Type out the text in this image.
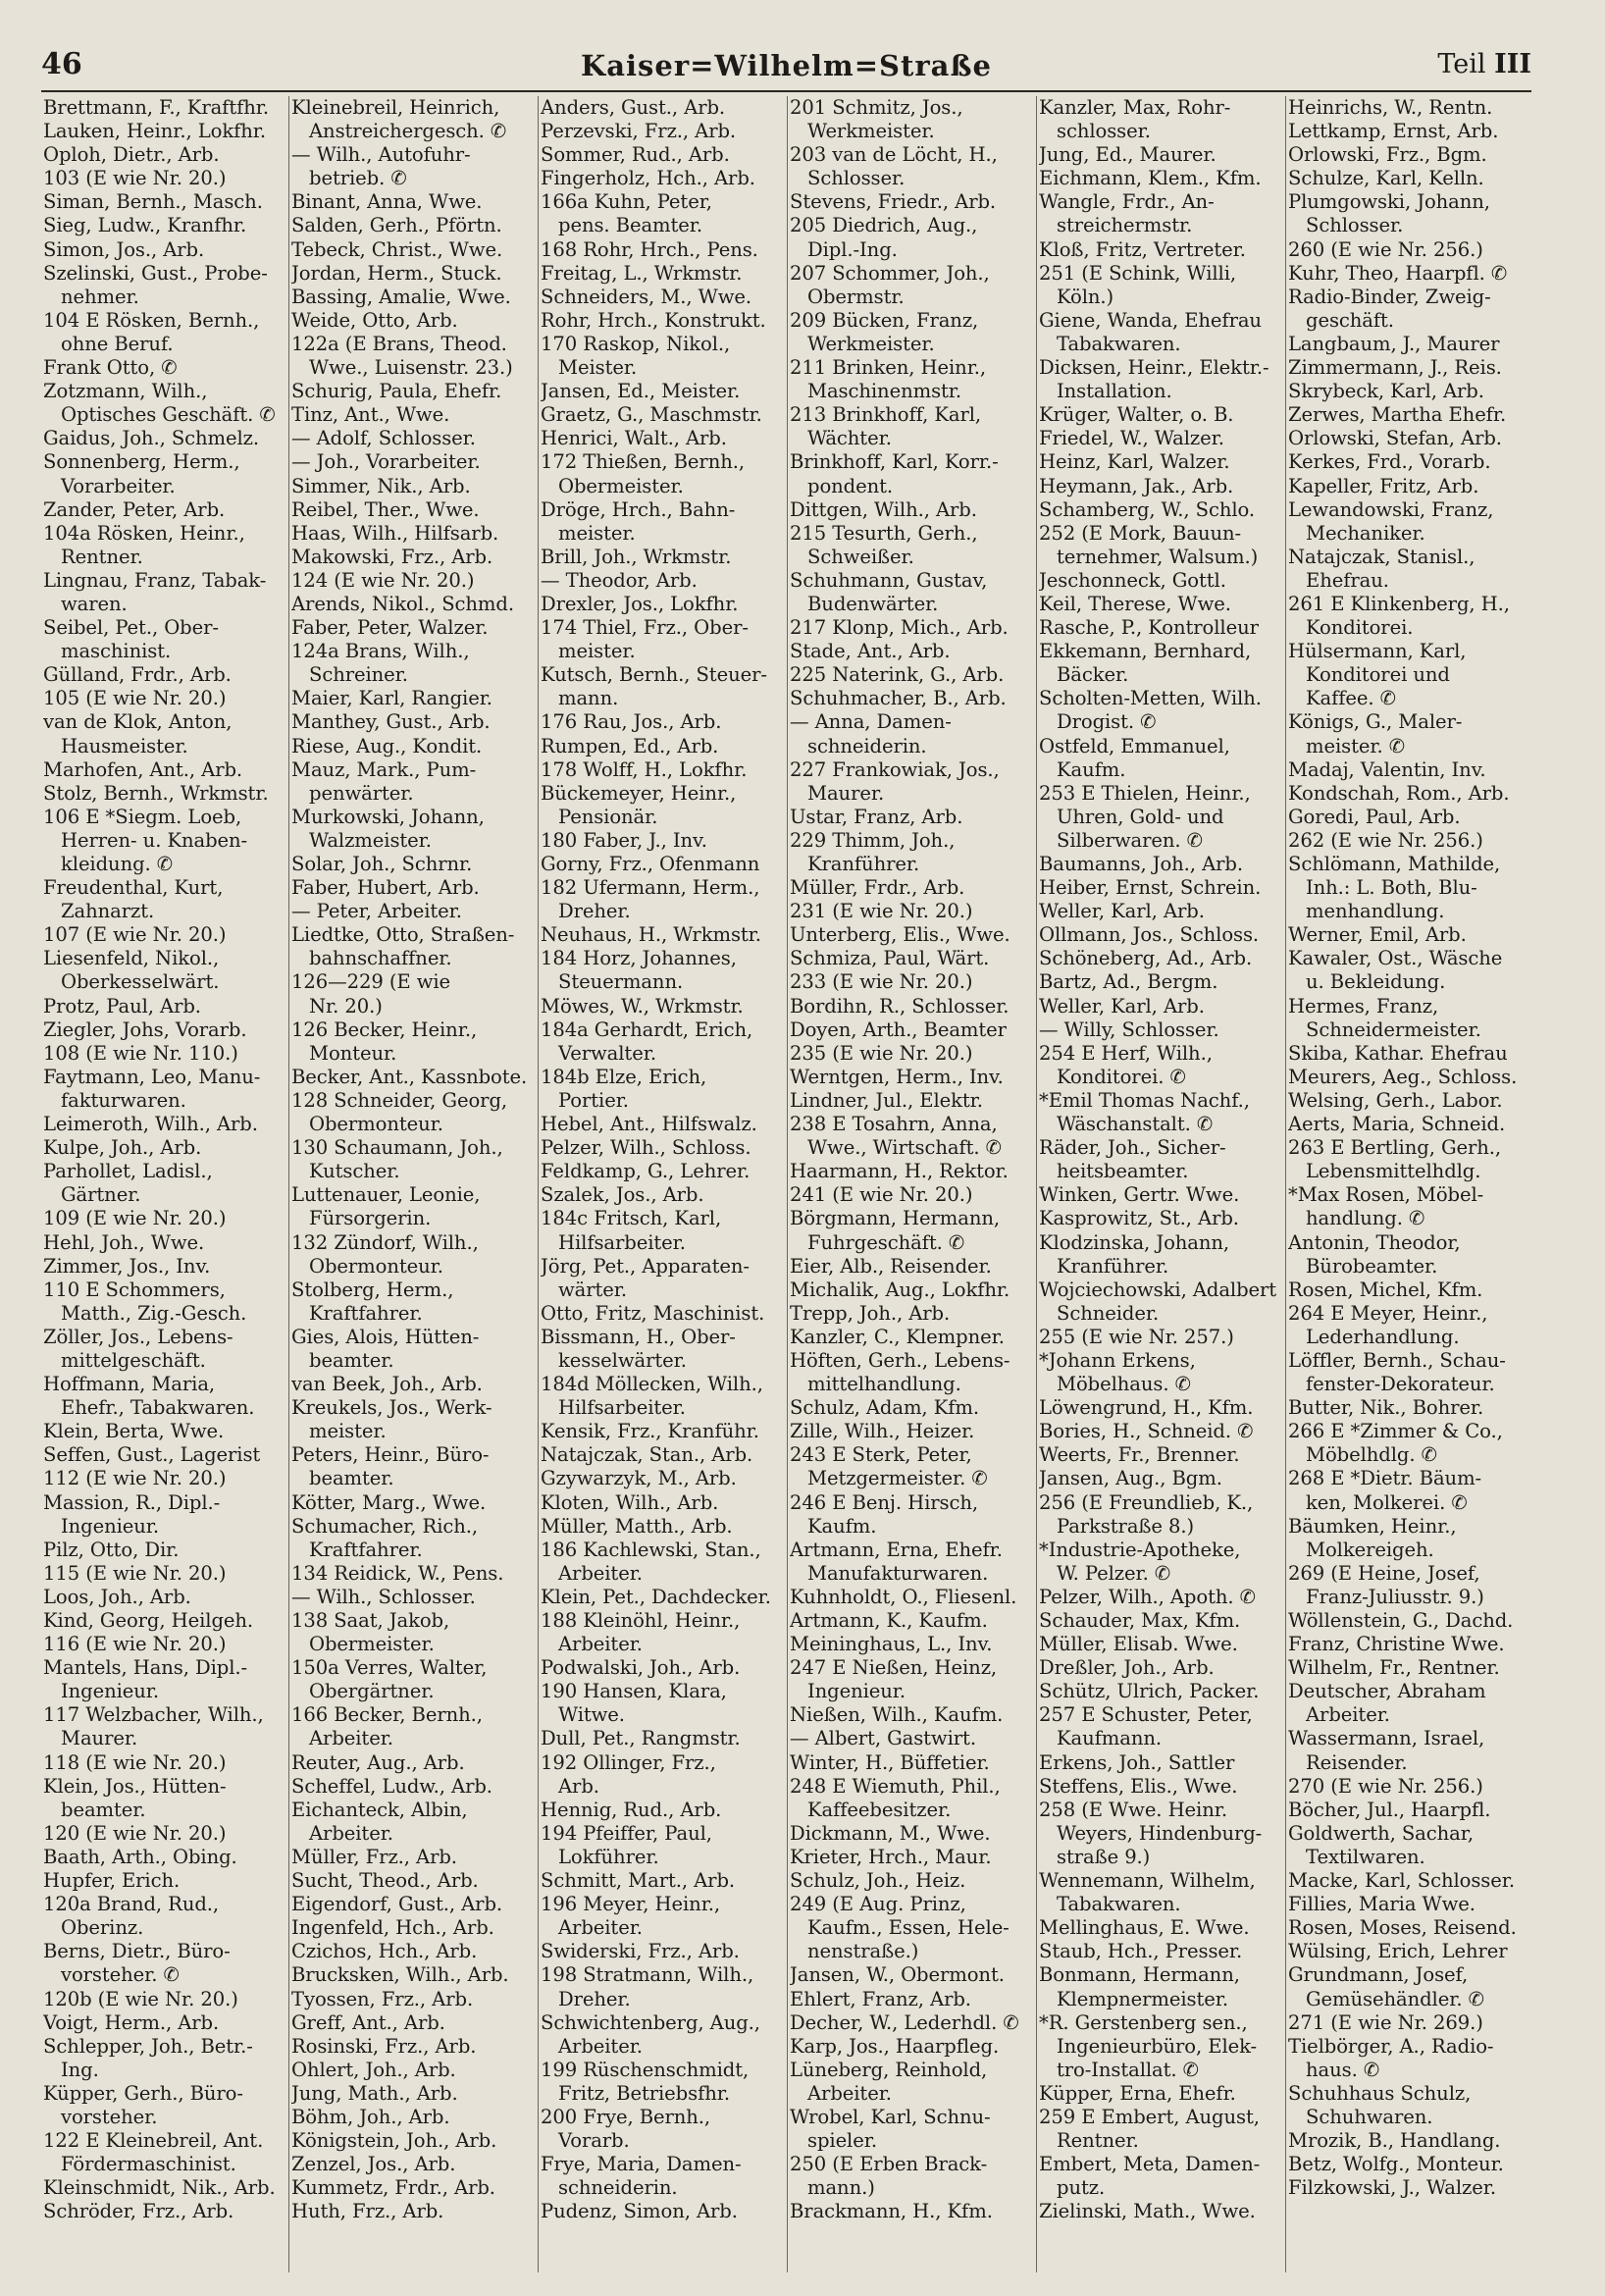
46	Kaiser=Wilhelm=Straße	Teil III
Brettmann, F., Kraftfhr.
Lauken, Heinr., Lokfhr.
Oploh, Dietr., Arb.
103 (E wie Nr. 20.)
Siman, Bernh., Masch.
Sieg, Ludw., Kranfhr.
Simon, Jos., Arb.
Szelinski, Gust., Probe-
nehmer.
104 E Rösken, Bernh.,
ohne Beruf.
Frank Otto, ✆
Zotzmann, Wilh.,
Optisches Geschäft. ✆
Gaidus, Joh., Schmelz.
Sonnenberg, Herm.,
Vorarbeiter.
Zander, Peter, Arb.
104a Rösken, Heinr.,
Rentner.
Lingnau, Franz, Tabak-
waren.
Seibel, Pet., Ober-
maschinist.
Gülland, Frdr., Arb.
105 (E wie Nr. 20.)
van de Klok, Anton,
Hausmeister.
Marhofen, Ant., Arb.
Stolz, Bernh., Wrkmstr.
106 E *Siegm. Loeb,
Herren- u. Knaben-
kleidung. ✆
Freudenthal, Kurt,
Zahnarzt.
107 (E wie Nr. 20.)
Liesenfeld, Nikol.,
Oberkesselwärt.
Protz, Paul, Arb.
Ziegler, Johs, Vorarb.
108 (E wie Nr. 110.)
Faytmann, Leo, Manu-
fakturwaren.
Leimeroth, Wilh., Arb.
Kulpe, Joh., Arb.
Parhollet, Ladisl.,
Gärtner.
109 (E wie Nr. 20.)
Hehl, Joh., Wwe.
Zimmer, Jos., Inv.
110 E Schommers,
Matth., Zig.-Gesch.
Zöller, Jos., Lebens-
mittelgeschäft.
Hoffmann, Maria,
Ehefr., Tabakwaren.
Klein, Berta, Wwe.
Seffen, Gust., Lagerist
112 (E wie Nr. 20.)
Massion, R., Dipl.-
Ingenieur.
Pilz, Otto, Dir.
115 (E wie Nr. 20.)
Loos, Joh., Arb.
Kind, Georg, Heilgeh.
116 (E wie Nr. 20.)
Mantels, Hans, Dipl.-
Ingenieur.
117 Welzbacher, Wilh.,
Maurer.
118 (E wie Nr. 20.)
Klein, Jos., Hütten-
beamter.
120 (E wie Nr. 20.)
Baath, Arth., Obing.
Hupfer, Erich.
120a Brand, Rud.,
Oberinz.
Berns, Dietr., Büro-
vorsteher. ✆
120b (E wie Nr. 20.)
Voigt, Herm., Arb.
Schlepper, Joh., Betr.-
Ing.
Küpper, Gerh., Büro-
vorsteher.
122 E Kleinebreil, Ant.
Fördermaschinist.
Kleinschmidt, Nik., Arb.
Schröder, Frz., Arb.
Kleinebreil, Heinrich,
Anstreichergesch. ✆
— Wilh., Autofuhr-
betrieb. ✆
Binant, Anna, Wwe.
Salden, Gerh., Pförtn.
Tebeck, Christ., Wwe.
Jordan, Herm., Stuck.
Bassing, Amalie, Wwe.
Weide, Otto, Arb.
122a (E Brans, Theod.
Wwe., Luisenstr. 23.)
Schurig, Paula, Ehefr.
Tinz, Ant., Wwe.
— Adolf, Schlosser.
— Joh., Vorarbeiter.
Simmer, Nik., Arb.
Reibel, Ther., Wwe.
Haas, Wilh., Hilfsarb.
Makowski, Frz., Arb.
124 (E wie Nr. 20.)
Arends, Nikol., Schmd.
Faber, Peter, Walzer.
124a Brans, Wilh.,
Schreiner.
Maier, Karl, Rangier.
Manthey, Gust., Arb.
Riese, Aug., Kondit.
Mauz, Mark., Pum-
penwärter.
Murkowski, Johann,
Walzmeister.
Solar, Joh., Schrnr.
Faber, Hubert, Arb.
— Peter, Arbeiter.
Liedtke, Otto, Straßen-
bahnschaffner.
126—229 (E wie
Nr. 20.)
126 Becker, Heinr.,
Monteur.
Becker, Ant., Kassnbote.
128 Schneider, Georg,
Obermonteur.
130 Schaumann, Joh.,
Kutscher.
Luttenauer, Leonie,
Fürsorgerin.
132 Zündorf, Wilh.,
Obermonteur.
Stolberg, Herm.,
Kraftfahrer.
Gies, Alois, Hütten-
beamter.
van Beek, Joh., Arb.
Kreukels, Jos., Werk-
meister.
Peters, Heinr., Büro-
beamter.
Kötter, Marg., Wwe.
Schumacher, Rich.,
Kraftfahrer.
134 Reidick, W., Pens.
— Wilh., Schlosser.
138 Saat, Jakob,
Obermeister.
150a Verres, Walter,
Obergärtner.
166 Becker, Bernh.,
Arbeiter.
Reuter, Aug., Arb.
Scheffel, Ludw., Arb.
Eichanteck, Albin,
Arbeiter.
Müller, Frz., Arb.
Sucht, Theod., Arb.
Eigendorf, Gust., Arb.
Ingenfeld, Hch., Arb.
Czichos, Hch., Arb.
Brucksken, Wilh., Arb.
Tyossen, Frz., Arb.
Greff, Ant., Arb.
Rosinski, Frz., Arb.
Ohlert, Joh., Arb.
Jung, Math., Arb.
Böhm, Joh., Arb.
Königstein, Joh., Arb.
Zenzel, Jos., Arb.
Kummetz, Frdr., Arb.
Huth, Frz., Arb.
Anders, Gust., Arb.
Perzevski, Frz., Arb.
Sommer, Rud., Arb.
Fingerholz, Hch., Arb.
166a Kuhn, Peter,
pens. Beamter.
168 Rohr, Hrch., Pens.
Freitag, L., Wrkmstr.
Schneiders, M., Wwe.
Rohr, Hrch., Konstrukt.
170 Raskop, Nikol.,
Meister.
Jansen, Ed., Meister.
Graetz, G., Maschmstr.
Henrici, Walt., Arb.
172 Thießen, Bernh.,
Obermeister.
Dröge, Hrch., Bahn-
meister.
Brill, Joh., Wrkmstr.
— Theodor, Arb.
Drexler, Jos., Lokfhr.
174 Thiel, Frz., Ober-
meister.
Kutsch, Bernh., Steuer-
mann.
176 Rau, Jos., Arb.
Rumpen, Ed., Arb.
178 Wolff, H., Lokfhr.
Bückemeyer, Heinr.,
Pensionär.
180 Faber, J., Inv.
Gorny, Frz., Ofenmann
182 Ufermann, Herm.,
Dreher.
Neuhaus, H., Wrkmstr.
184 Horz, Johannes,
Steuermann.
Möwes, W., Wrkmstr.
184a Gerhardt, Erich,
Verwalter.
184b Elze, Erich,
Portier.
Hebel, Ant., Hilfswalz.
Pelzer, Wilh., Schloss.
Feldkamp, G., Lehrer.
Szalek, Jos., Arb.
184c Fritsch, Karl,
Hilfsarbeiter.
Jörg, Pet., Apparaten-
wärter.
Otto, Fritz, Maschinist.
Bissmann, H., Ober-
kesselwärter.
184d Möllecken, Wilh.,
Hilfsarbeiter.
Kensik, Frz., Kranführ.
Natajczak, Stan., Arb.
Gzywarzyk, M., Arb.
Kloten, Wilh., Arb.
Müller, Matth., Arb.
186 Kachlewski, Stan.,
Arbeiter.
Klein, Pet., Dachdecker.
188 Kleinöhl, Heinr.,
Arbeiter.
Podwalski, Joh., Arb.
190 Hansen, Klara,
Witwe.
Dull, Pet., Rangmstr.
192 Ollinger, Frz.,
Arb.
Hennig, Rud., Arb.
194 Pfeiffer, Paul,
Lokführer.
Schmitt, Mart., Arb.
196 Meyer, Heinr.,
Arbeiter.
Swiderski, Frz., Arb.
198 Stratmann, Wilh.,
Dreher.
Schwichtenberg, Aug.,
Arbeiter.
199 Rüschenschmidt,
Fritz, Betriebsfhr.
200 Frye, Bernh.,
Vorarb.
Frye, Maria, Damen-
schneiderin.
Pudenz, Simon, Arb.
201 Schmitz, Jos.,
Werkmeister.
203 van de Löcht, H.,
Schlosser.
Stevens, Friedr., Arb.
205 Diedrich, Aug.,
Dipl.-Ing.
207 Schommer, Joh.,
Obermstr.
209 Bücken, Franz,
Werkmeister.
211 Brinken, Heinr.,
Maschinenmstr.
213 Brinkhoff, Karl,
Wächter.
Brinkhoff, Karl, Korr.-
pondent.
Dittgen, Wilh., Arb.
215 Tesurth, Gerh.,
Schweißer.
Schuhmann, Gustav,
Budenwärter.
217 Klonp, Mich., Arb.
Stade, Ant., Arb.
225 Naterink, G., Arb.
Schuhmacher, B., Arb.
— Anna, Damen-
schneiderin.
227 Frankowiak, Jos.,
Maurer.
Ustar, Franz, Arb.
229 Thimm, Joh.,
Kranführer.
Müller, Frdr., Arb.
231 (E wie Nr. 20.)
Unterberg, Elis., Wwe.
Schmiza, Paul, Wärt.
233 (E wie Nr. 20.)
Bordihn, R., Schlosser.
Doyen, Arth., Beamter
235 (E wie Nr. 20.)
Werntgen, Herm., Inv.
Lindner, Jul., Elektr.
238 E Tosahrn, Anna,
Wwe., Wirtschaft. ✆
Haarmann, H., Rektor.
241 (E wie Nr. 20.)
Börgmann, Hermann,
Fuhrgeschäft. ✆
Eier, Alb., Reisender.
Michalik, Aug., Lokfhr.
Trepp, Joh., Arb.
Kanzler, C., Klempner.
Höften, Gerh., Lebens-
mittelhandlung.
Schulz, Adam, Kfm.
Zille, Wilh., Heizer.
243 E Sterk, Peter,
Metzgermeister. ✆
246 E Benj. Hirsch,
Kaufm.
Artmann, Erna, Ehefr.
Manufakturwaren.
Kuhnholdt, O., Fliesenl.
Artmann, K., Kaufm.
Meininghaus, L., Inv.
247 E Nießen, Heinz,
Ingenieur.
Nießen, Wilh., Kaufm.
— Albert, Gastwirt.
Winter, H., Büffetier.
248 E Wiemuth, Phil.,
Kaffeebesitzer.
Dickmann, M., Wwe.
Krieter, Hrch., Maur.
Schulz, Joh., Heiz.
249 (E Aug. Prinz,
Kaufm., Essen, Hele-
nenstraße.)
Jansen, W., Obermont.
Ehlert, Franz, Arb.
Decher, W., Lederhdl. ✆
Karp, Jos., Haarpfleg.
Lüneberg, Reinhold,
Arbeiter.
Wrobel, Karl, Schnu-
spieler.
250 (E Erben Brack-
mann.)
Brackmann, H., Kfm.
Kanzler, Max, Rohr-
schlosser.
Jung, Ed., Maurer.
Eichmann, Klem., Kfm.
Wangle, Frdr., An-
streichermstr.
Kloß, Fritz, Vertreter.
251 (E Schink, Willi,
Köln.)
Giene, Wanda, Ehefrau
Tabakwaren.
Dicksen, Heinr., Elektr.-
Installation.
Krüger, Walter, o. B.
Friedel, W., Walzer.
Heinz, Karl, Walzer.
Heymann, Jak., Arb.
Schamberg, W., Schlo.
252 (E Mork, Bauun-
ternehmer, Walsum.)
Jeschonneck, Gottl.
Keil, Therese, Wwe.
Rasche, P., Kontrolleur
Ekkemann, Bernhard,
Bäcker.
Scholten-Metten, Wilh.
Drogist. ✆
Ostfeld, Emmanuel,
Kaufm.
253 E Thielen, Heinr.,
Uhren, Gold- und
Silberwaren. ✆
Baumanns, Joh., Arb.
Heiber, Ernst, Schrein.
Weller, Karl, Arb.
Ollmann, Jos., Schloss.
Schöneberg, Ad., Arb.
Bartz, Ad., Bergm.
Weller, Karl, Arb.
— Willy, Schlosser.
254 E Herf, Wilh.,
Konditorei. ✆
*Emil Thomas Nachf.,
Wäschanstalt. ✆
Räder, Joh., Sicher-
heitsbeamter.
Winken, Gertr. Wwe.
Kasprowitz, St., Arb.
Klodzinska, Johann,
Kranführer.
Wojciechowski, Adalbert
Schneider.
255 (E wie Nr. 257.)
*Johann Erkens,
Möbelhaus. ✆
Löwengrund, H., Kfm.
Bories, H., Schneid. ✆
Weerts, Fr., Brenner.
Jansen, Aug., Bgm.
256 (E Freundlieb, K.,
Parkstraße 8.)
*Industrie-Apotheke,
W. Pelzer. ✆
Pelzer, Wilh., Apoth. ✆
Schauder, Max, Kfm.
Müller, Elisab. Wwe.
Dreßler, Joh., Arb.
Schütz, Ulrich, Packer.
257 E Schuster, Peter,
Kaufmann.
Erkens, Joh., Sattler
Steffens, Elis., Wwe.
258 (E Wwe. Heinr.
Weyers, Hindenburg-
straße 9.)
Wennemann, Wilhelm,
Tabakwaren.
Mellinghaus, E. Wwe.
Staub, Hch., Presser.
Bonmann, Hermann,
Klempnermeister.
*R. Gerstenberg sen.,
Ingenieurbüro, Elek-
tro-Installat. ✆
Küpper, Erna, Ehefr.
259 E Embert, August,
Rentner.
Embert, Meta, Damen-
putz.
Zielinski, Math., Wwe.
Heinrichs, W., Rentn.
Lettkamp, Ernst, Arb.
Orlowski, Frz., Bgm.
Schulze, Karl, Kelln.
Plumgowski, Johann,
Schlosser.
260 (E wie Nr. 256.)
Kuhr, Theo, Haarpfl. ✆
Radio-Binder, Zweig-
geschäft.
Langbaum, J., Maurer
Zimmermann, J., Reis.
Skrybeck, Karl, Arb.
Zerwes, Martha Ehefr.
Orlowski, Stefan, Arb.
Kerkes, Frd., Vorarb.
Kapeller, Fritz, Arb.
Lewandowski, Franz,
Mechaniker.
Natajczak, Stanisl.,
Ehefrau.
261 E Klinkenberg, H.,
Konditorei.
Hülsermann, Karl,
Konditorei und
Kaffee. ✆
Königs, G., Maler-
meister. ✆
Madaj, Valentin, Inv.
Kondschah, Rom., Arb.
Goredi, Paul, Arb.
262 (E wie Nr. 256.)
Schlömann, Mathilde,
Inh.: L. Both, Blu-
menhandlung.
Werner, Emil, Arb.
Kawaler, Ost., Wäsche
u. Bekleidung.
Hermes, Franz,
Schneidermeister.
Skiba, Kathar. Ehefrau
Meurers, Aeg., Schloss.
Welsing, Gerh., Labor.
Aerts, Maria, Schneid.
263 E Bertling, Gerh.,
Lebensmittelhdlg.
*Max Rosen, Möbel-
handlung. ✆
Antonin, Theodor,
Bürobeamter.
Rosen, Michel, Kfm.
264 E Meyer, Heinr.,
Lederhandlung.
Löffler, Bernh., Schau-
fenster-Dekorateur.
Butter, Nik., Bohrer.
266 E *Zimmer & Co.,
Möbelhdlg. ✆
268 E *Dietr. Bäum-
ken, Molkerei. ✆
Bäumken, Heinr.,
Molkereigeh.
269 (E Heine, Josef,
Franz-Juliusstr. 9.)
Wöllenstein, G., Dachd.
Franz, Christine Wwe.
Wilhelm, Fr., Rentner.
Deutscher, Abraham
Arbeiter.
Wassermann, Israel,
Reisender.
270 (E wie Nr. 256.)
Böcher, Jul., Haarpfl.
Goldwerth, Sachar,
Textilwaren.
Macke, Karl, Schlosser.
Fillies, Maria Wwe.
Rosen, Moses, Reisend.
Wülsing, Erich, Lehrer
Grundmann, Josef,
Gemüsehändler. ✆
271 (E wie Nr. 269.)
Tielbörger, A., Radio-
haus. ✆
Schuhhaus Schulz,
Schuhwaren.
Mrozik, B., Handlang.
Betz, Wolfg., Monteur.
Filzkowski, J., Walzer.
